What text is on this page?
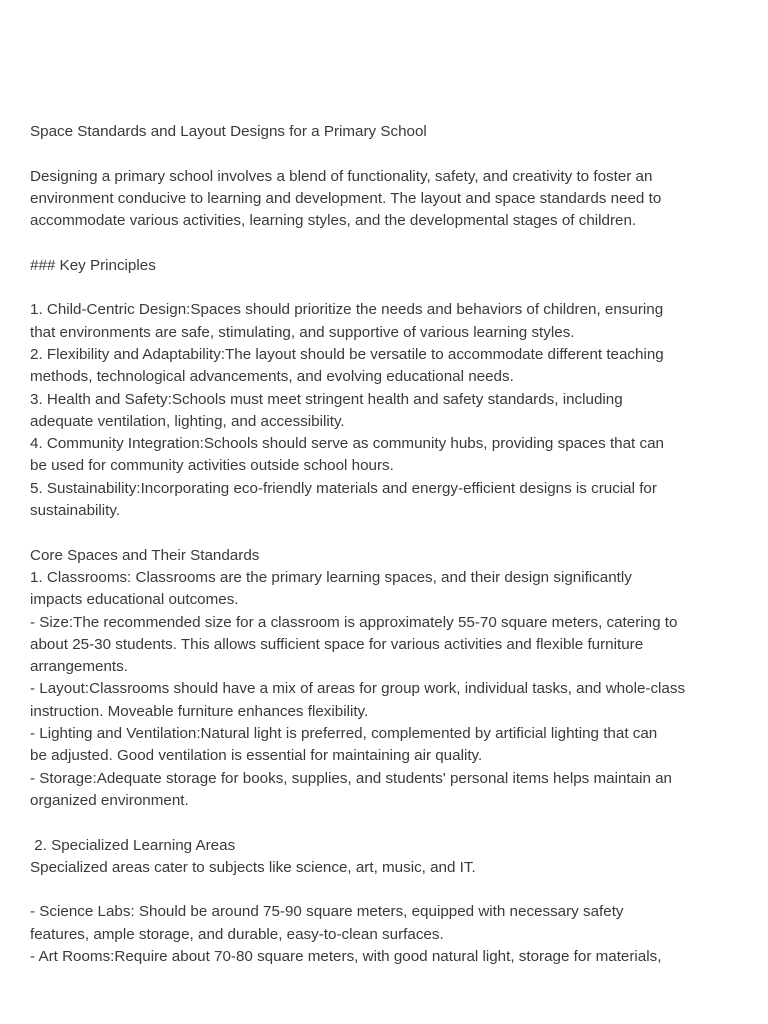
Space Standards and Layout Designs for a Primary School
Designing a primary school involves a blend of functionality, safety, and creativity to foster an
environment conducive to learning and development. The layout and space standards need to
accommodate various activities, learning styles, and the developmental stages of children.
### Key Principles
1. Child-Centric Design:Spaces should prioritize the needs and behaviors of children, ensuring
that environments are safe, stimulating, and supportive of various learning styles.
2. Flexibility and Adaptability:The layout should be versatile to accommodate different teaching
methods, technological advancements, and evolving educational needs.
3. Health and Safety:Schools must meet stringent health and safety standards, including
adequate ventilation, lighting, and accessibility.
4. Community Integration:Schools should serve as community hubs, providing spaces that can
be used for community activities outside school hours.
5. Sustainability:Incorporating eco-friendly materials and energy-efficient designs is crucial for
sustainability.
Core Spaces and Their Standards
1. Classrooms: Classrooms are the primary learning spaces, and their design significantly
impacts educational outcomes.
- Size:The recommended size for a classroom is approximately 55-70 square meters, catering to
about 25-30 students. This allows sufficient space for various activities and flexible furniture
arrangements.
- Layout:Classrooms should have a mix of areas for group work, individual tasks, and whole-class
instruction. Moveable furniture enhances flexibility.
- Lighting and Ventilation:Natural light is preferred, complemented by artificial lighting that can
be adjusted. Good ventilation is essential for maintaining air quality.
- Storage:Adequate storage for books, supplies, and students' personal items helps maintain an
organized environment.
2. Specialized Learning Areas
Specialized areas cater to subjects like science, art, music, and IT.
- Science Labs: Should be around 75-90 square meters, equipped with necessary safety
features, ample storage, and durable, easy-to-clean surfaces.
- Art Rooms:Require about 70-80 square meters, with good natural light, storage for materials,
